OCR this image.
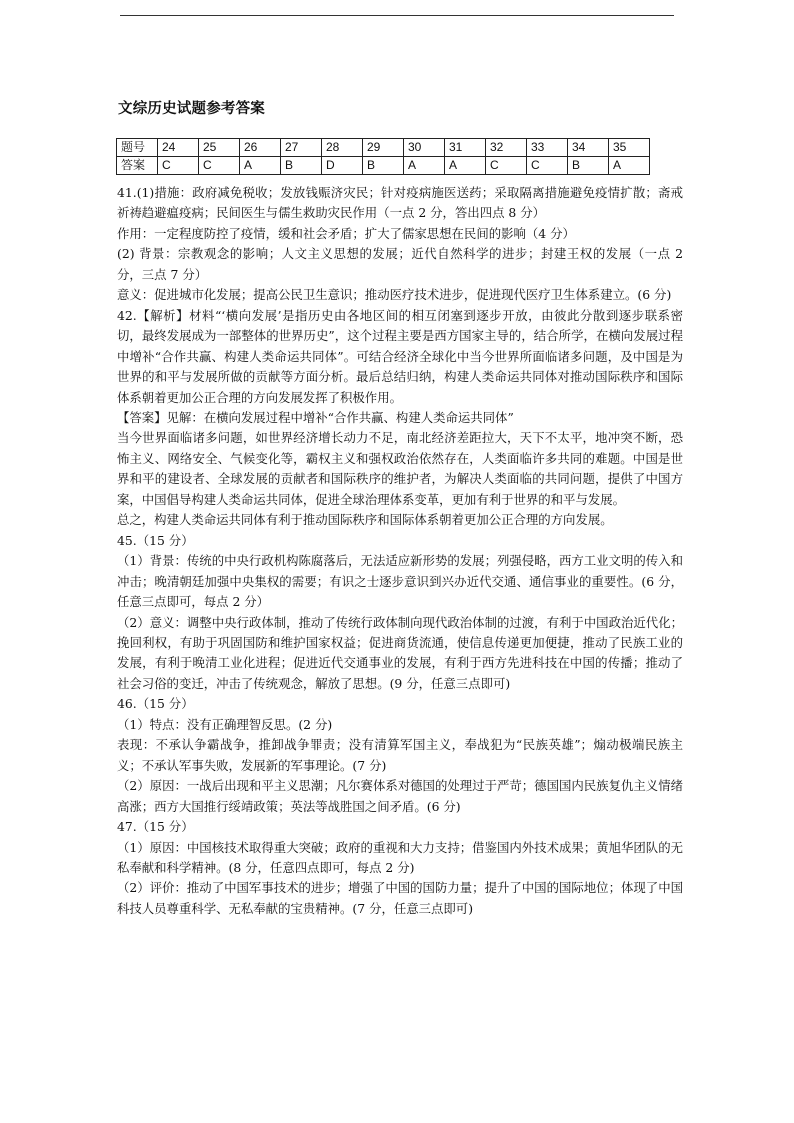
文综历史试题参考答案
题号	24	25	26	27	28	29	30	31	32	33	34	35
答案	C	C	A	B	D	B	A	A	C	C	B	A

41.(1)措施：政府减免税收；发放钱赈济灾民；针对疫病施医送药；采取隔离措施避免疫情扩散；斋戒祈祷趋避瘟疫病；民间医生与儒生救助灾民作用（一点 2 分，答出四点 8 分）

作用：一定程度防控了疫情，缓和社会矛盾；扩大了儒家思想在民间的影响（4 分）

(2) 背景：宗教观念的影响；人文主义思想的发展；近代自然科学的进步；封建王权的发展（一点 2 分，三点 7 分）

意义：促进城市化发展；提高公民卫生意识；推动医疗技术进步，促进现代医疗卫生体系建立。(6 分)

42.【解析】材料“‘横向发展’是指历史由各地区间的相互闭塞到逐步开放，由彼此分散到逐步联系密切，最终发展成为一部整体的世界历史”，这个过程主要是西方国家主导的，结合所学，在横向发展过程中增补“合作共赢、构建人类命运共同体”。可结合经济全球化中当今世界所面临诸多问题，及中国是为世界的和平与发展所做的贡献等方面分析。最后总结归纳，构建人类命运共同体对推动国际秩序和国际体系朝着更加公正合理的方向发展发挥了积极作用。

【答案】见解：在横向发展过程中增补“合作共赢、构建人类命运共同体”

当今世界面临诸多问题，如世界经济增长动力不足，南北经济差距拉大，天下不太平，地冲突不断，恐怖主义、网络安全、气候变化等，霸权主义和强权政治依然存在，人类面临许多共同的难题。中国是世界和平的建设者、全球发展的贡献者和国际秩序的维护者，为解决人类面临的共同问题，提供了中国方案，中国倡导构建人类命运共同体，促进全球治理体系变革，更加有利于世界的和平与发展。

总之，构建人类命运共同体有利于推动国际秩序和国际体系朝着更加公正合理的方向发展。

45.（15 分）

（1）背景：传统的中央行政机构陈腐落后，无法适应新形势的发展；列强侵略，西方工业文明的传入和冲击；晚清朝廷加强中央集权的需要；有识之士逐步意识到兴办近代交通、通信事业的重要性。(6 分，任意三点即可，每点 2 分）

（2）意义：调整中央行政体制，推动了传统行政体制向现代政治体制的过渡，有利于中国政治近代化；挽回利权，有助于巩固国防和维护国家权益；促进商货流通，使信息传递更加便捷，推动了民族工业的发展，有利于晚清工业化进程；促进近代交通事业的发展，有利于西方先进科技在中国的传播；推动了社会习俗的变迁，冲击了传统观念，解放了思想。(9 分，任意三点即可)

46.（15 分）

（1）特点：没有正确理智反思。(2 分)

表现：不承认争霸战争，推卸战争罪责；没有清算军国主义，奉战犯为“民族英雄”；煽动极端民族主义；不承认军事失败，发展新的军事理论。(7 分)

（2）原因：一战后出现和平主义思潮；凡尔赛体系对德国的处理过于严苛；德国国内民族复仇主义情绪高涨；西方大国推行绥靖政策；英法等战胜国之间矛盾。(6 分)

47.（15 分）

（1）原因：中国核技术取得重大突破；政府的重视和大力支持；借鉴国内外技术成果；黄旭华团队的无私奉献和科学精神。(8 分，任意四点即可，每点 2 分)

（2）评价：推动了中国军事技术的进步；增强了中国的国防力量；提升了中国的国际地位；体现了中国科技人员尊重科学、无私奉献的宝贵精神。(7 分，任意三点即可)
